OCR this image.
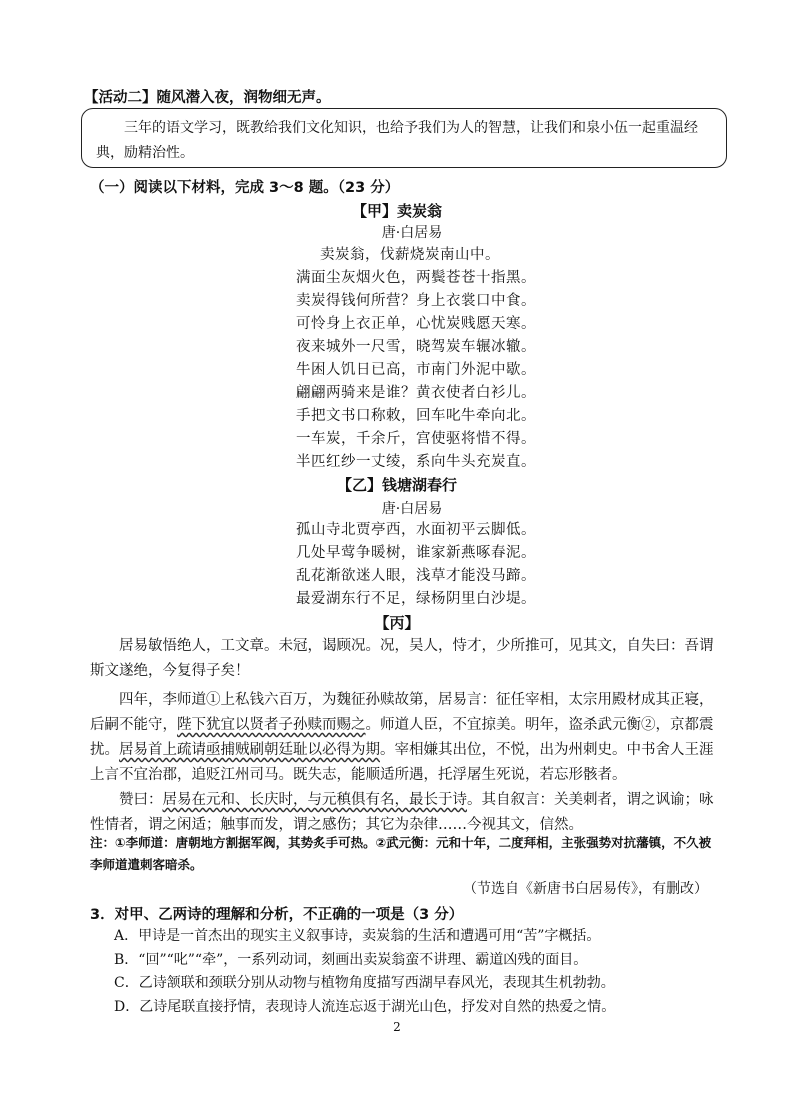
【活动二】随风潜入夜，润物细无声。
三年的语文学习，既教给我们文化知识，也给予我们为人的智慧，让我们和泉小伍一起重温经典，励精治性。
（一）阅读以下材料，完成 3～8 题。（23 分）
【甲】卖炭翁
唐·白居易
卖炭翁，伐薪烧炭南山中。
满面尘灰烟火色，两鬓苍苍十指黑。
卖炭得钱何所营？身上衣裳口中食。
可怜身上衣正单，心忧炭贱愿天寒。
夜来城外一尺雪，晓驾炭车辗冰辙。
牛困人饥日已高，市南门外泥中歇。
翩翩两骑来是谁？黄衣使者白衫儿。
手把文书口称敕，回车叱牛牵向北。
一车炭，千余斤，宫使驱将惜不得。
半匹红纱一丈绫，系向牛头充炭直。
【乙】钱塘湖春行
唐·白居易
孤山寺北贾亭西，水面初平云脚低。
几处早莺争暖树，谁家新燕啄春泥。
乱花渐欲迷人眼，浅草才能没马蹄。
最爱湖东行不足，绿杨阴里白沙堤。
【丙】

居易敏悟绝人，工文章。未冠，谒顾况。况，吴人，恃才，少所推可，见其文，自失曰：吾谓斯文遂绝，今复得子矣！

四年，李师道①上私钱六百万，为魏征孙赎故第，居易言：征任宰相，太宗用殿材成其正寝，后嗣不能守，陛下犹宜以贤者子孙赎而赐之。师道人臣，不宜掠美。明年，盗杀武元衡②，京都震扰。居易首上疏请亟捕贼刷朝廷耻以必得为期。宰相嫌其出位，不悦，出为州刺史。中书舍人王涯上言不宜治郡，追贬江州司马。既失志，能顺适所遇，托浮屠生死说，若忘形骸者。

赞曰：居易在元和、长庆时，与元稹俱有名，最长于诗。其自叙言：关美刺者，谓之讽谕；咏性情者，谓之闲适；触事而发，谓之感伤；其它为杂律……今视其文，信然。

注：①李师道：唐朝地方割据军阀，其势炙手可热。②武元衡：元和十年，二度拜相，主张强势对抗藩镇，不久被李师道遣刺客暗杀。
（节选自《新唐书白居易传》，有删改）
3．对甲、乙两诗的理解和分析，不正确的一项是（3 分）
A．甲诗是一首杰出的现实主义叙事诗，卖炭翁的生活和遭遇可用“苦”字概括。
B．“回”“叱”“牵”，一系列动词，刻画出卖炭翁蛮不讲理、霸道凶残的面目。
C．乙诗颔联和颈联分别从动物与植物角度描写西湖早春风光，表现其生机勃勃。
D．乙诗尾联直接抒情，表现诗人流连忘返于湖光山色，抒发对自然的热爱之情。
2
